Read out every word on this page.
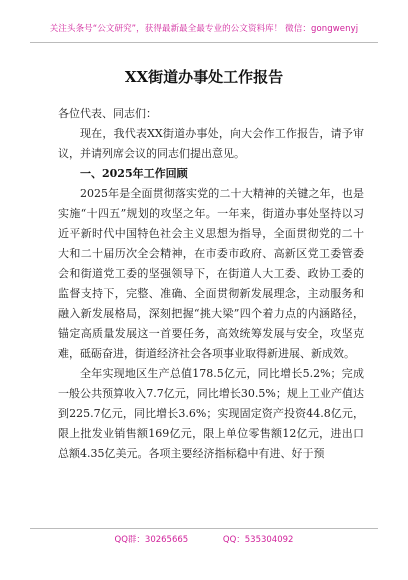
关注头条号“公文研究”，获得最新最全最专业的公文资料库！ 微信：gongwenyj
XX街道办事处工作报告

各位代表、同志们：

现在，我代表XX街道办事处，向大会作工作报告，请予审议，并请列席会议的同志们提出意见。

一、2025年工作回顾

2025年是全面贯彻落实党的二十大精神的关键之年，也是实施“十四五”规划的攻坚之年。一年来，街道办事处坚持以习近平新时代中国特色社会主义思想为指导，全面贯彻党的二十大和二十届历次全会精神，在市委市政府、高新区党工委管委会和街道党工委的坚强领导下，在街道人大工委、政协工委的监督支持下，完整、准确、全面贯彻新发展理念，主动服务和融入新发展格局，深刻把握“挑大梁”四个着力点的内涵路径，锚定高质量发展这一首要任务，高效统筹发展与安全，攻坚克难，砥砺奋进，街道经济社会各项事业取得新进展、新成效。

全年实现地区生产总值178.5亿元，同比增长5.2%；完成一般公共预算收入7.7亿元，同比增长30.5%；规上工业产值达到225.7亿元，同比增长3.6%；实现固定资产投资44.8亿元，限上批发业销售额169亿元，限上单位零售额12亿元，进出口总额4.35亿美元。各项主要经济指标稳中有进、好于预

QQ群：30265665	QQ：535304092
